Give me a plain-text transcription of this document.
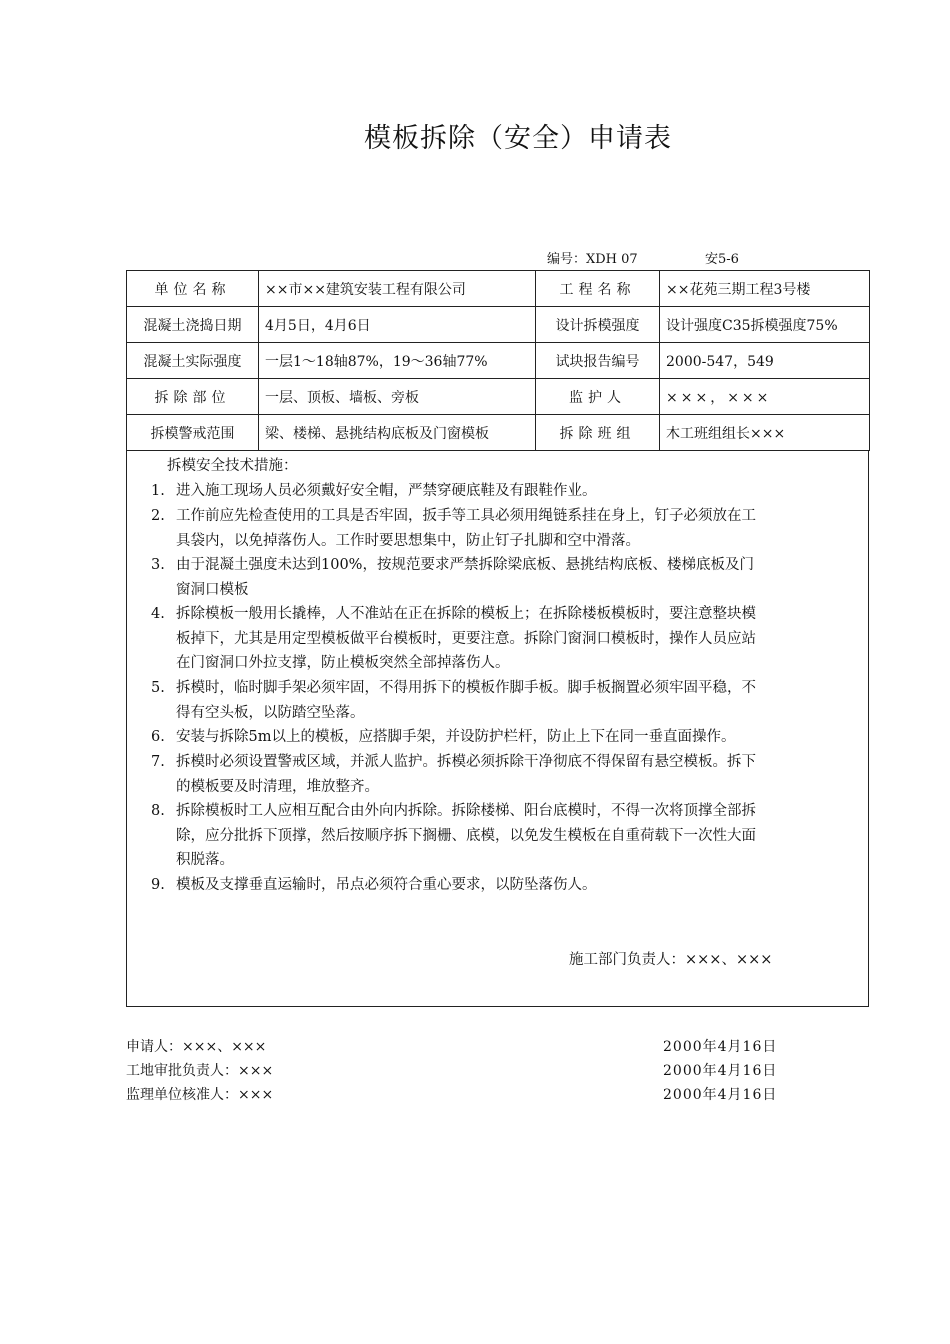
模板拆除（安全）申请表
编号：XDH 07	安5-6
单位名称	××市××建筑安装工程有限公司	工程名称	××花苑三期工程3号楼
混凝土浇捣日期	4月5日，4月6日	设计拆模强度	设计强度C35拆模强度75%
混凝土实际强度	一层1～18轴87%，19～36轴77%	试块报告编号	2000-547，549
拆除部位	一层、顶板、墙板、旁板	监护人	×××，×××
拆模警戒范围	梁、楼梯、悬挑结构底板及门窗模板	拆除班组	木工班组组长×××
拆模安全技术措施：
1. 进入施工现场人员必须戴好安全帽，严禁穿硬底鞋及有跟鞋作业。
2. 工作前应先检查使用的工具是否牢固，扳手等工具必须用绳链系挂在身上，钉子必须放在工
具袋内，以免掉落伤人。工作时要思想集中，防止钉子扎脚和空中滑落。
3. 由于混凝土强度未达到100%，按规范要求严禁拆除梁底板、悬挑结构底板、楼梯底板及门
窗洞口模板
4. 拆除模板一般用长撬棒，人不准站在正在拆除的模板上；在拆除楼板模板时，要注意整块模
板掉下，尤其是用定型模板做平台模板时，更要注意。拆除门窗洞口模板时，操作人员应站
在门窗洞口外拉支撑，防止模板突然全部掉落伤人。
5. 拆模时，临时脚手架必须牢固，不得用拆下的模板作脚手板。脚手板搁置必须牢固平稳，不
得有空头板，以防踏空坠落。
6. 安装与拆除5m以上的模板，应搭脚手架，并设防护栏杆，防止上下在同一垂直面操作。
7. 拆模时必须设置警戒区域，并派人监护。拆模必须拆除干净彻底不得保留有悬空模板。拆下
的模板要及时清理，堆放整齐。
8. 拆除模板时工人应相互配合由外向内拆除。拆除楼梯、阳台底模时，不得一次将顶撑全部拆
除，应分批拆下顶撑，然后按顺序拆下搁栅、底模，以免发生模板在自重荷载下一次性大面
积脱落。
9. 模板及支撑垂直运输时，吊点必须符合重心要求，以防坠落伤人。
施工部门负责人：×××、×××
申请人：×××、×××	2000年4月16日
工地审批负责人：×××	2000年4月16日
监理单位核准人：×××	2000年4月16日
